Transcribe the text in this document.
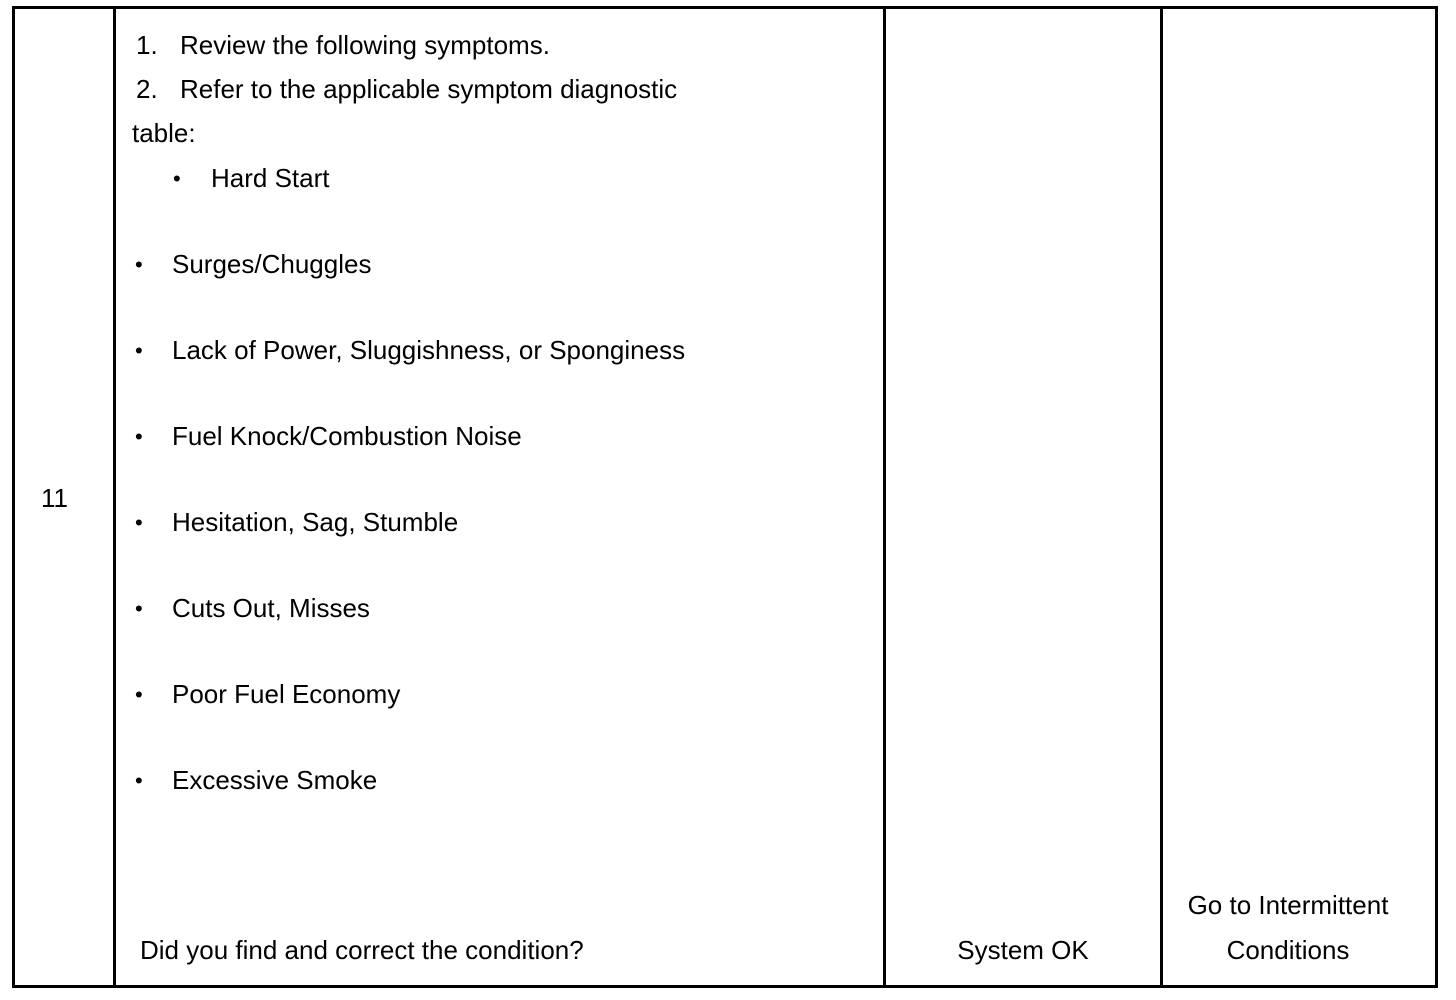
11
1. Review the following symptoms.
2. Refer to the applicable symptom diagnostic
table:
• Hard Start
• Surges/Chuggles
• Lack of Power, Sluggishness, or Sponginess
• Fuel Knock/Combustion Noise
• Hesitation, Sag, Stumble
• Cuts Out, Misses
• Poor Fuel Economy
• Excessive Smoke
Did you find and correct the condition?	System OK
Go to Intermittent
Conditions
